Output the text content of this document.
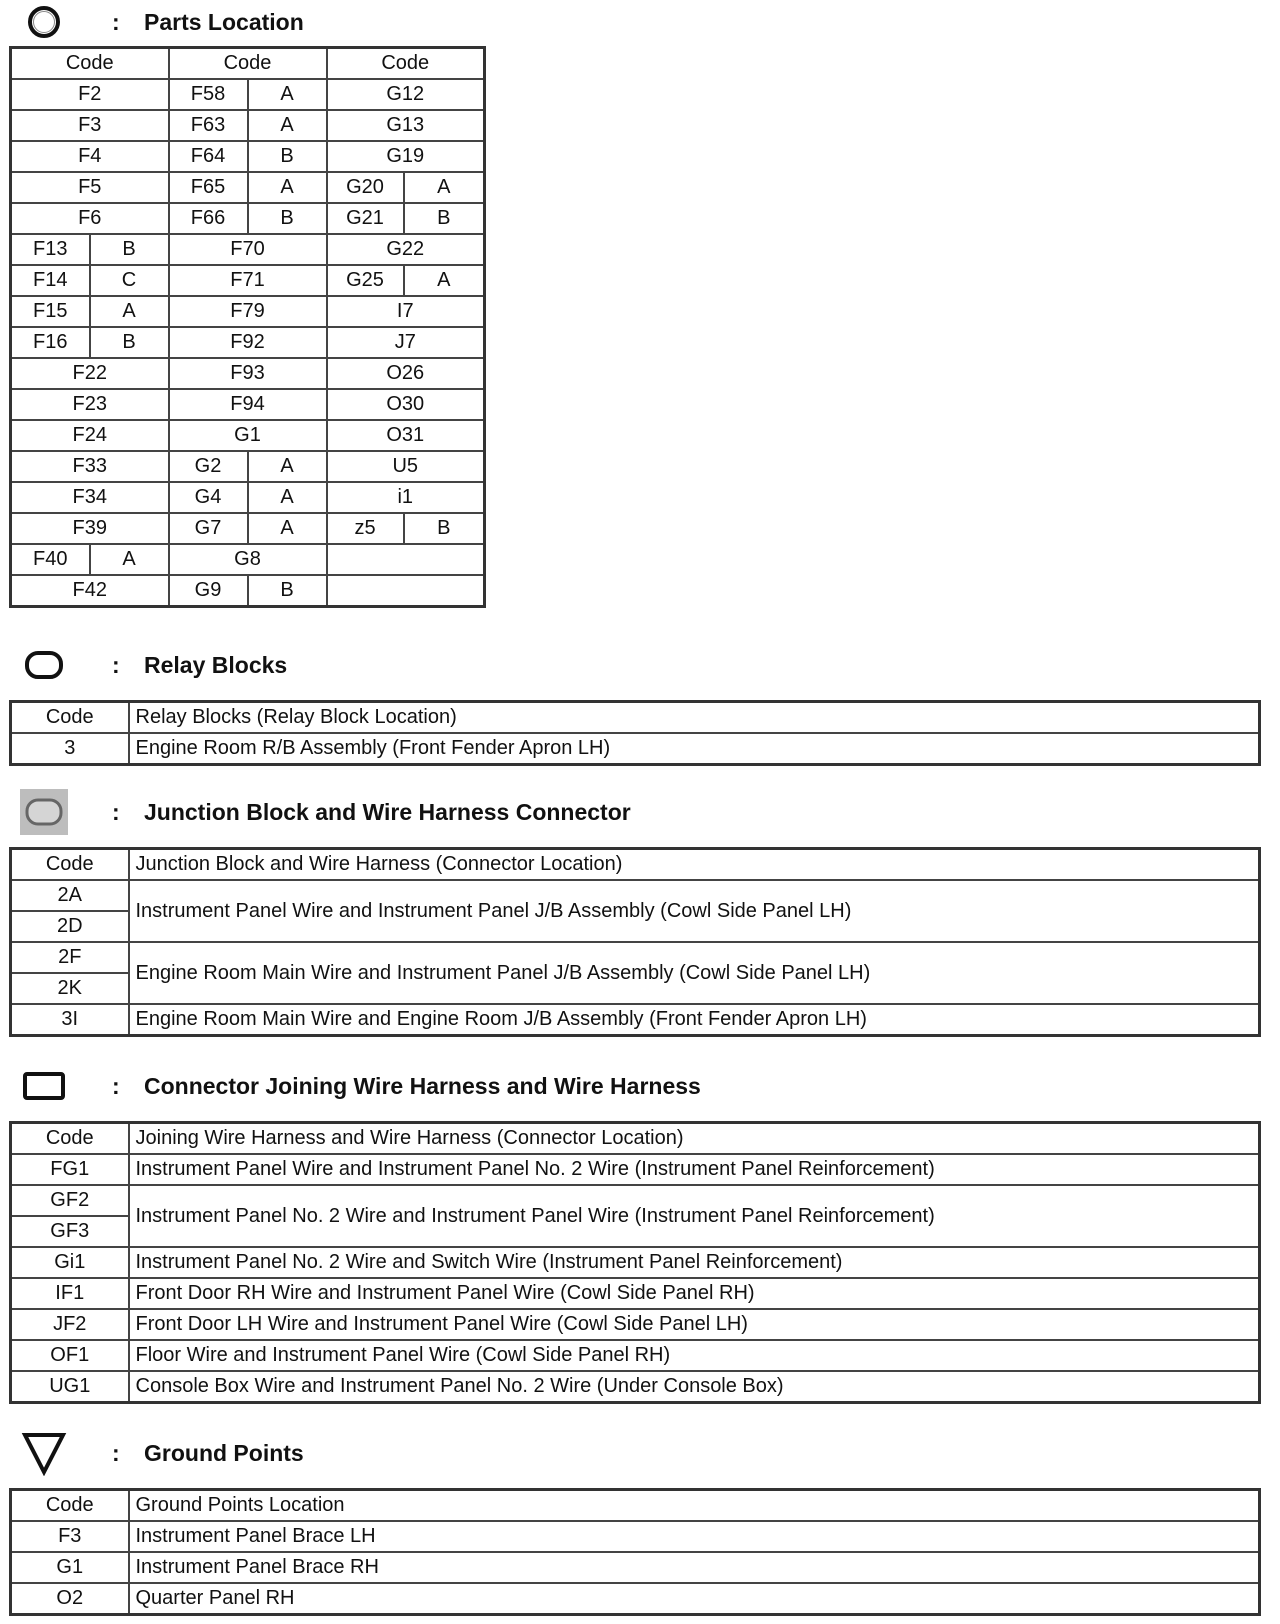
:	Parts Location
Code		Code		Code	
F2		F58	A	G12	
F3		F63	A	G13	
F4		F64	B	G19	
F5		F65	A	G20	A
F6		F66	B	G21	B
F13	B	F70		G22	
F14	C	F71		G25	A
F15	A	F79		I7	
F16	B	F92		J7	
F22		F93		O26	
F23		F94		O30	
F24		G1		O31	
F33		G2	A	U5	
F34		G4	A	i1	
F39		G7	A	z5	B
F40	A	G8			
F42		G9	B		
:	Relay Blocks
Code	Relay Blocks (Relay Block Location)
3	Engine Room R/B Assembly (Front Fender Apron LH)
:	Junction Block and Wire Harness Connector
Code	Junction Block and Wire Harness (Connector Location)
2A	Instrument Panel Wire and Instrument Panel J/B Assembly (Cowl Side Panel LH)
2D	
2F	Engine Room Main Wire and Instrument Panel J/B Assembly (Cowl Side Panel LH)
2K	
3I	Engine Room Main Wire and Engine Room J/B Assembly (Front Fender Apron LH)
:	Connector Joining Wire Harness and Wire Harness
Code	Joining Wire Harness and Wire Harness (Connector Location)
FG1	Instrument Panel Wire and Instrument Panel No. 2 Wire (Instrument Panel Reinforcement)
GF2	Instrument Panel No. 2 Wire and Instrument Panel Wire (Instrument Panel Reinforcement)
GF3	
Gi1	Instrument Panel No. 2 Wire and Switch Wire (Instrument Panel Reinforcement)
IF1	Front Door RH Wire and Instrument Panel Wire (Cowl Side Panel RH)
JF2	Front Door LH Wire and Instrument Panel Wire (Cowl Side Panel LH)
OF1	Floor Wire and Instrument Panel Wire (Cowl Side Panel RH)
UG1	Console Box Wire and Instrument Panel No. 2 Wire (Under Console Box)
:	Ground Points
Code	Ground Points Location
F3	Instrument Panel Brace LH
G1	Instrument Panel Brace RH
O2	Quarter Panel RH
